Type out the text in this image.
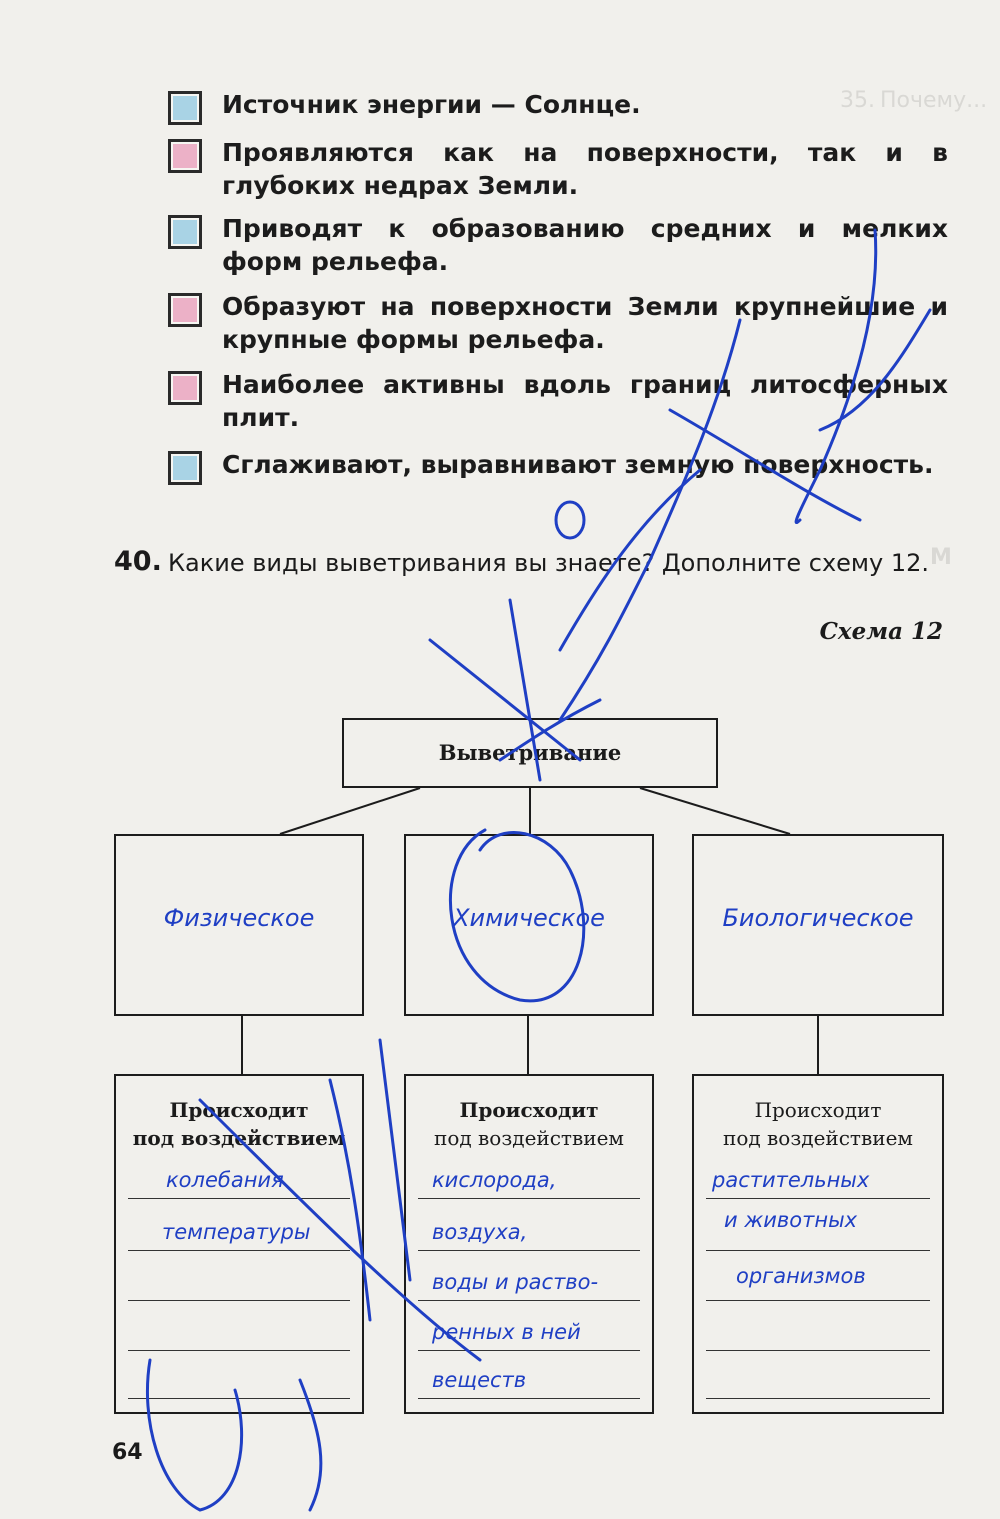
35. Почему...
М
Источник энергии — Солнце.
Проявляются как на поверхности, так и в глубоких недрах Земли.
Приводят к образованию средних и мелких форм рельефа.
Образуют на поверхности Земли крупнейшие и крупные формы рельефа.
Наиболее активны вдоль границ литосферных плит.
Сглаживают, выравнивают земную поверхность.
40. Какие виды выветривания вы знаете? Дополните схему 12.
Схема 12
Выветривание
Физическое	Химическое	Биологическое
Происходит
под воздействием
колебания
температуры
Происходит
под воздействием
кислорода,
воздуха,
воды и раство-
ренных в ней
веществ
Происходит
под воздействием
растительных
и животных
организмов
64
